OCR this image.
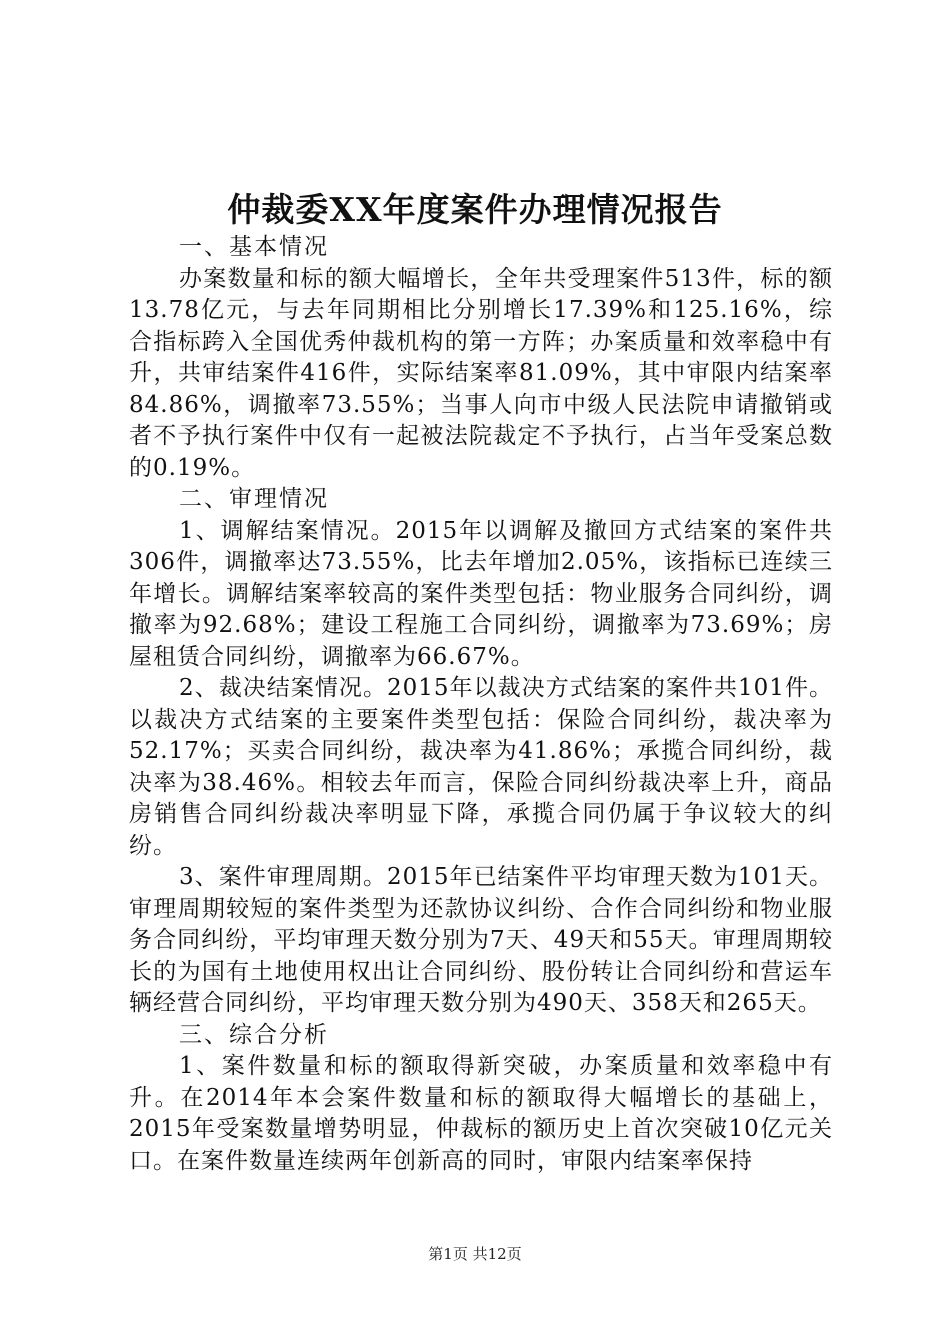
仲裁委XX年度案件办理情况报告

一、基本情况

办案数量和标的额大幅增长，全年共受理案件513件，标的额13.78亿元，与去年同期相比分别增长17.39%和125.16%，综合指标跨入全国优秀仲裁机构的第一方阵；办案质量和效率稳中有升，共审结案件416件，实际结案率81.09%，其中审限内结案率84.86%，调撤率73.55%；当事人向市中级人民法院申请撤销或者不予执行案件中仅有一起被法院裁定不予执行，占当年受案总数的0.19%。

二、审理情况

1、调解结案情况。2015年以调解及撤回方式结案的案件共306件，调撤率达73.55%，比去年增加2.05%，该指标已连续三年增长。调解结案率较高的案件类型包括：物业服务合同纠纷，调撤率为92.68%；建设工程施工合同纠纷，调撤率为73.69%；房屋租赁合同纠纷，调撤率为66.67%。

2、裁决结案情况。2015年以裁决方式结案的案件共101件。以裁决方式结案的主要案件类型包括：保险合同纠纷，裁决率为52.17%；买卖合同纠纷，裁决率为41.86%；承揽合同纠纷，裁决率为38.46%。相较去年而言，保险合同纠纷裁决率上升，商品房销售合同纠纷裁决率明显下降，承揽合同仍属于争议较大的纠纷。

3、案件审理周期。2015年已结案件平均审理天数为101天。审理周期较短的案件类型为还款协议纠纷、合作合同纠纷和物业服务合同纠纷，平均审理天数分别为7天、49天和55天。审理周期较长的为国有土地使用权出让合同纠纷、股份转让合同纠纷和营运车辆经营合同纠纷，平均审理天数分别为490天、358天和265天。

三、综合分析

1、案件数量和标的额取得新突破，办案质量和效率稳中有升。在2014年本会案件数量和标的额取得大幅增长的基础上，2015年受案数量增势明显，仲裁标的额历史上首次突破10亿元关口。在案件数量连续两年创新高的同时，审限内结案率保持

第1页 共12页
